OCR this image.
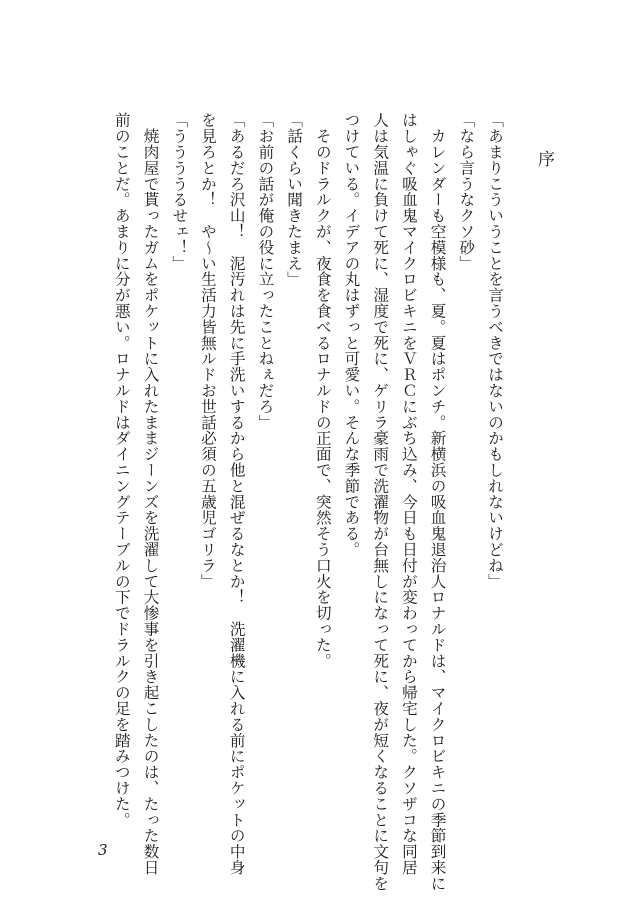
序
「あまりこういうことを言うべきではないのかもしれないけどね」
「なら言うなクソ砂」
　カレンダーも空模様も、夏。夏はポンチ。新横浜の吸血鬼退治人ロナルドは、マイクロビキニの季節到来に
はしゃぐ吸血鬼マイクロビキニをＶＲＣにぶち込み、今日も日付が変わってから帰宅した。クソザコな同居
人は気温に負けて死に、湿度で死に、ゲリラ豪雨で洗濯物が台無しになって死に、夜が短くなることに文句を
つけている。イデアの丸はずっと可愛い。そんな季節である。
　そのドラルクが、夜食を食べるロナルドの正面で、突然そう口火を切った。
「話くらい聞きたまえ」
「お前の話が俺の役に立ったことねぇだろ」
「あるだろ沢山！　泥汚れは先に手洗いするから他と混ぜるなとか！　洗濯機に入れる前にポケットの中身
を見ろとか！　や～い生活力皆無ルドお世話必須の五歳児ゴリラ」
「ううううるせェ！」
　焼肉屋で貰ったガムをポケットに入れたままジーンズを洗濯して大惨事を引き起こしたのは、たった数日
前のことだ。あまりに分が悪い。ロナルドはダイニングテーブルの下でドラルクの足を踏みつけた。
3
